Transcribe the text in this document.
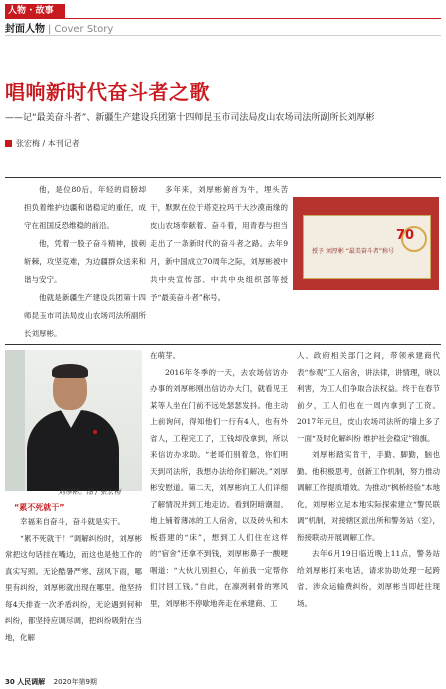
人物 · 故事
封面人物 | Cover Story
唱响新时代奋斗者之歌
——记“最美奋斗者”、新疆生产建设兵团第十四师昆玉市司法局皮山农场司法所副所长刘厚彬
张宏梅 / 本刊记者

他，是位80后，年轻的肩膀却担负着维护边疆和谐稳定的重任，成守在祖国反恐维稳的前沿。

他，凭着一股子奋斗精神，拔刺斩棘，攻坚克难，为边疆群众送来和谐与安宁。

他就是新疆生产建设兵团第十四师昆玉市司法局皮山农场司法所副所长刘厚彬。

多年来，刘厚彬俯首为牛，埋头苦干，默默在位于塔克拉玛干大沙漠南缘的皮山农场奉献着、奋斗着，用青春与担当走出了一条新时代的奋斗者之路。去年9月，新中国成立70周年之际，刘厚彬被中共中央宣传部、中共中央组织部等授予“最美奋斗者”称号。

70
授予 刘厚彬 “最美奋斗者”称号
刘厚彬。图 / 张宏梅
“累不死就干”

幸福来自奋斗，奋斗就是实干。

“累不死就干！”调解纠纷时，刘厚彬常把这句话挂在嘴边，而这也是他工作的真实写照。无论酷暑严寒、刮风下雨，哪里有纠纷，刘厚彬就出现在哪里。他坚持每4天排查一次矛盾纠纷，无论遇到何种纠纷，都坚持应调尽调，把纠纷吸附在当地，化解

在萌芽。

2016年冬季的一天，去农场信访办办事的刘厚彬刚出信访办大门，就看见王某等人坐在门前不远处瑟瑟发抖。他主动上前询问，得知他们一行有4人，也有外省人，工程完工了，工钱却没拿到，所以来信访办求助。“老哥们别着急，你们明天到司法所，我想办法给你们解决。”刘厚彬安慰道。第二天，刘厚彬向工人们详细了解情况并到工地走访。看到阴暗潮湿、地上铺着薄冰的工人宿舍，以及砖头和木板搭建的“床”，想到工人们住在这样的“宿舍”还拿不到钱，刘厚彬鼻子一酸哽咽道：“大伙儿别担心，年前我一定帮你们讨回工钱。”自此，在凛冽刺骨的寒风里，刘厚彬不停歇地奔走在承建商、工

人、政府相关部门之间，带领承建商代表“参观”工人宿舍，讲法律，讲情理，晓以利害，为工人们争取合法权益。终于在春节前夕，工人们也在一周内拿到了工资。2017年元旦，皮山农场司法所的墙上多了一面“及时化解纠纷 维护社会稳定”锦旗。

刘厚彬踏实肯干，手勤、脚勤，脑也勤。他积极思考，创新工作机制，努力推动调解工作提质增效。为推动“枫桥经验”本地化，刘厚彬立足本地实际探索建立“警民联调”机制，对接辖区派出所和警务站（室），衔接联动开展调解工作。

去年6月19日临近晚上11点，警务站给刘厚彬打来电话，请求协助处理一起跨省、涉众运输费纠纷，刘厚彬当即赶往现场。

30 人民调解 2020年第9期
